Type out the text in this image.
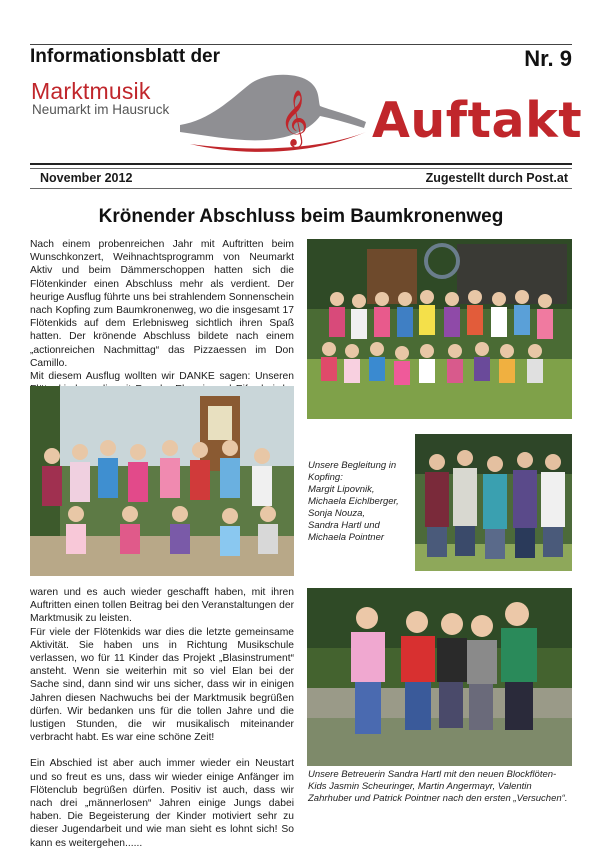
Informationsblatt der	Nr. 9
𝄞
Marktmusik
Neumarkt im Hausruck	Auftakt
November 2012	Zugestellt durch Post.at
Krönender Abschluss beim Baumkronenweg
Nach einem probenreichen Jahr mit Auftritten beim Wunschkonzert, Weihnachtsprogramm von Neumarkt Aktiv und beim Dämmerschoppen hatten sich die Flötenkinder einen Abschluss mehr als verdient. Der heurige Ausflug führte uns bei strahlendem Sonnenschein nach Kopfing zum Baumkronenweg, wo die insgesamt 17 Flötenkids auf dem Erlebnisweg sichtlich ihren Spaß hatten. Der krönende Abschluss bildete nach einem „actionreichen Nachmittag“ das Pizzaessen im Don Camillo.
Mit diesem Ausflug wollten wir DANKE sagen: Unseren
Unsere Begleitung in
Kopfing:
Margit Lipovnik,
Michaela Eichlberger,
Sonja Nouza,
Sandra Hartl und
Michaela Pointner

waren und es auch wieder geschafft haben, mit ihren Auftritten einen tollen Beitrag bei den Veranstaltungen der Marktmusik zu leisten.

Für viele der Flötenkids war dies die letzte gemeinsame Aktivität. Sie haben uns in Richtung Musikschule verlassen, wo für 11 Kinder das Projekt „Blasinstrument“ ansteht. Wenn sie weiterhin mit so viel Elan bei der Sache sind, dann sind wir uns sicher, dass wir in einigen Jahren diesen Nachwuchs bei der Marktmusik begrüßen dürfen. Wir bedanken uns für die tollen Jahre und die lustigen Stunden, die wir musikalisch miteinander verbracht habt. Es war eine schöne Zeit!

Ein Abschied ist aber auch immer wieder ein Neustart und so freut es uns, dass wir wieder einige Anfänger im Flötenclub begrüßen dürfen. Positiv ist auch, dass wir nach drei „männerlosen“ Jahren einige Jungs dabei haben. Die Begeisterung der Kinder motiviert sehr zu dieser Jugendarbeit und wie man sieht es lohnt sich! So kann es weitergehen......

Unsere Betreuerin Sandra Hartl mit den neuen Blockflöten-Kids Jasmin Scheuringer, Martin Angermayr, Valentin Zahrhuber und Patrick Pointner nach den ersten „Versuchen“.
